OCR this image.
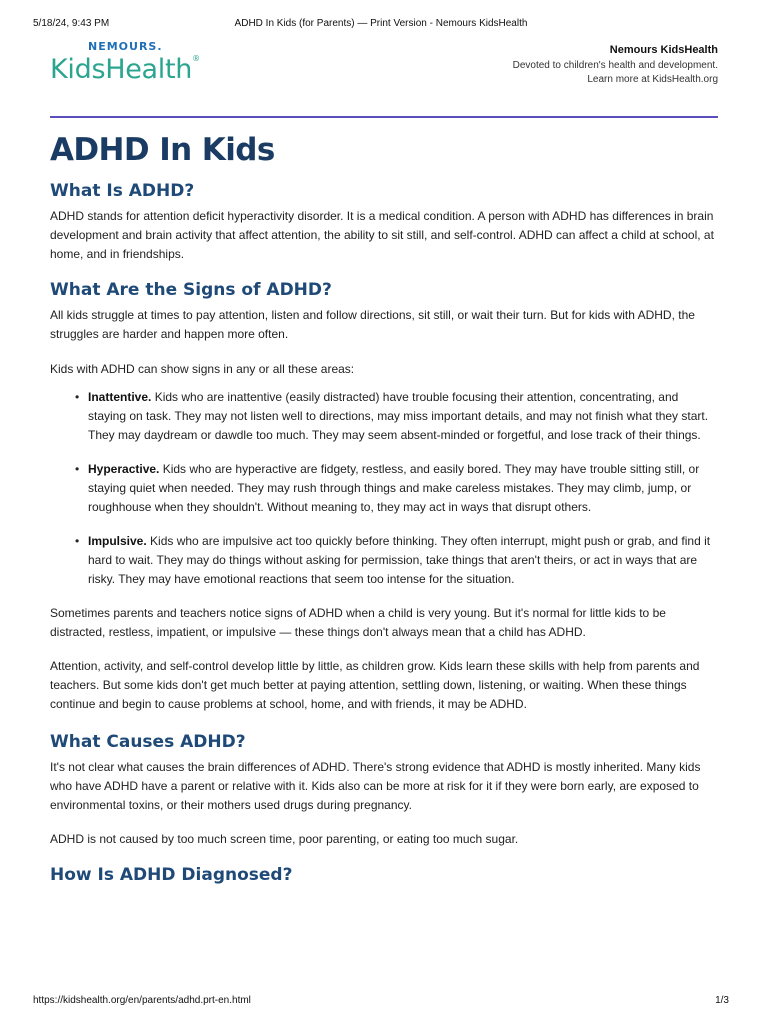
5/18/24, 9:43 PM	ADHD In Kids (for Parents) — Print Version - Nemours KidsHealth
NEMOURS.
KidsHealth®
Nemours KidsHealth
Devoted to children's health and development.
Learn more at KidsHealth.org
ADHD In Kids
What Is ADHD?

ADHD stands for attention deficit hyperactivity disorder. It is a medical condition. A person with ADHD has differences in brain development and brain activity that affect attention, the ability to sit still, and self-control. ADHD can affect a child at school, at home, and in friendships.

What Are the Signs of ADHD?

All kids struggle at times to pay attention, listen and follow directions, sit still, or wait their turn. But for kids with ADHD, the struggles are harder and happen more often.

Kids with ADHD can show signs in any or all these areas:

• Inattentive. Kids who are inattentive (easily distracted) have trouble focusing their attention, concentrating, and staying on task. They may not listen well to directions, may miss important details, and may not finish what they start. They may daydream or dawdle too much. They may seem absent-minded or forgetful, and lose track of their things.
• Hyperactive. Kids who are hyperactive are fidgety, restless, and easily bored. They may have trouble sitting still, or staying quiet when needed. They may rush through things and make careless mistakes. They may climb, jump, or roughhouse when they shouldn't. Without meaning to, they may act in ways that disrupt others.
• Impulsive. Kids who are impulsive act too quickly before thinking. They often interrupt, might push or grab, and find it hard to wait. They may do things without asking for permission, take things that aren't theirs, or act in ways that are risky. They may have emotional reactions that seem too intense for the situation.

Sometimes parents and teachers notice signs of ADHD when a child is very young. But it's normal for little kids to be distracted, restless, impatient, or impulsive — these things don't always mean that a child has ADHD.

Attention, activity, and self-control develop little by little, as children grow. Kids learn these skills with help from parents and teachers. But some kids don't get much better at paying attention, settling down, listening, or waiting. When these things continue and begin to cause problems at school, home, and with friends, it may be ADHD.

What Causes ADHD?

It's not clear what causes the brain differences of ADHD. There's strong evidence that ADHD is mostly inherited. Many kids who have ADHD have a parent or relative with it. Kids also can be more at risk for it if they were born early, are exposed to environmental toxins, or their mothers used drugs during pregnancy.

ADHD is not caused by too much screen time, poor parenting, or eating too much sugar.

How Is ADHD Diagnosed?
https://kidshealth.org/en/parents/adhd.prt-en.html	1/3
